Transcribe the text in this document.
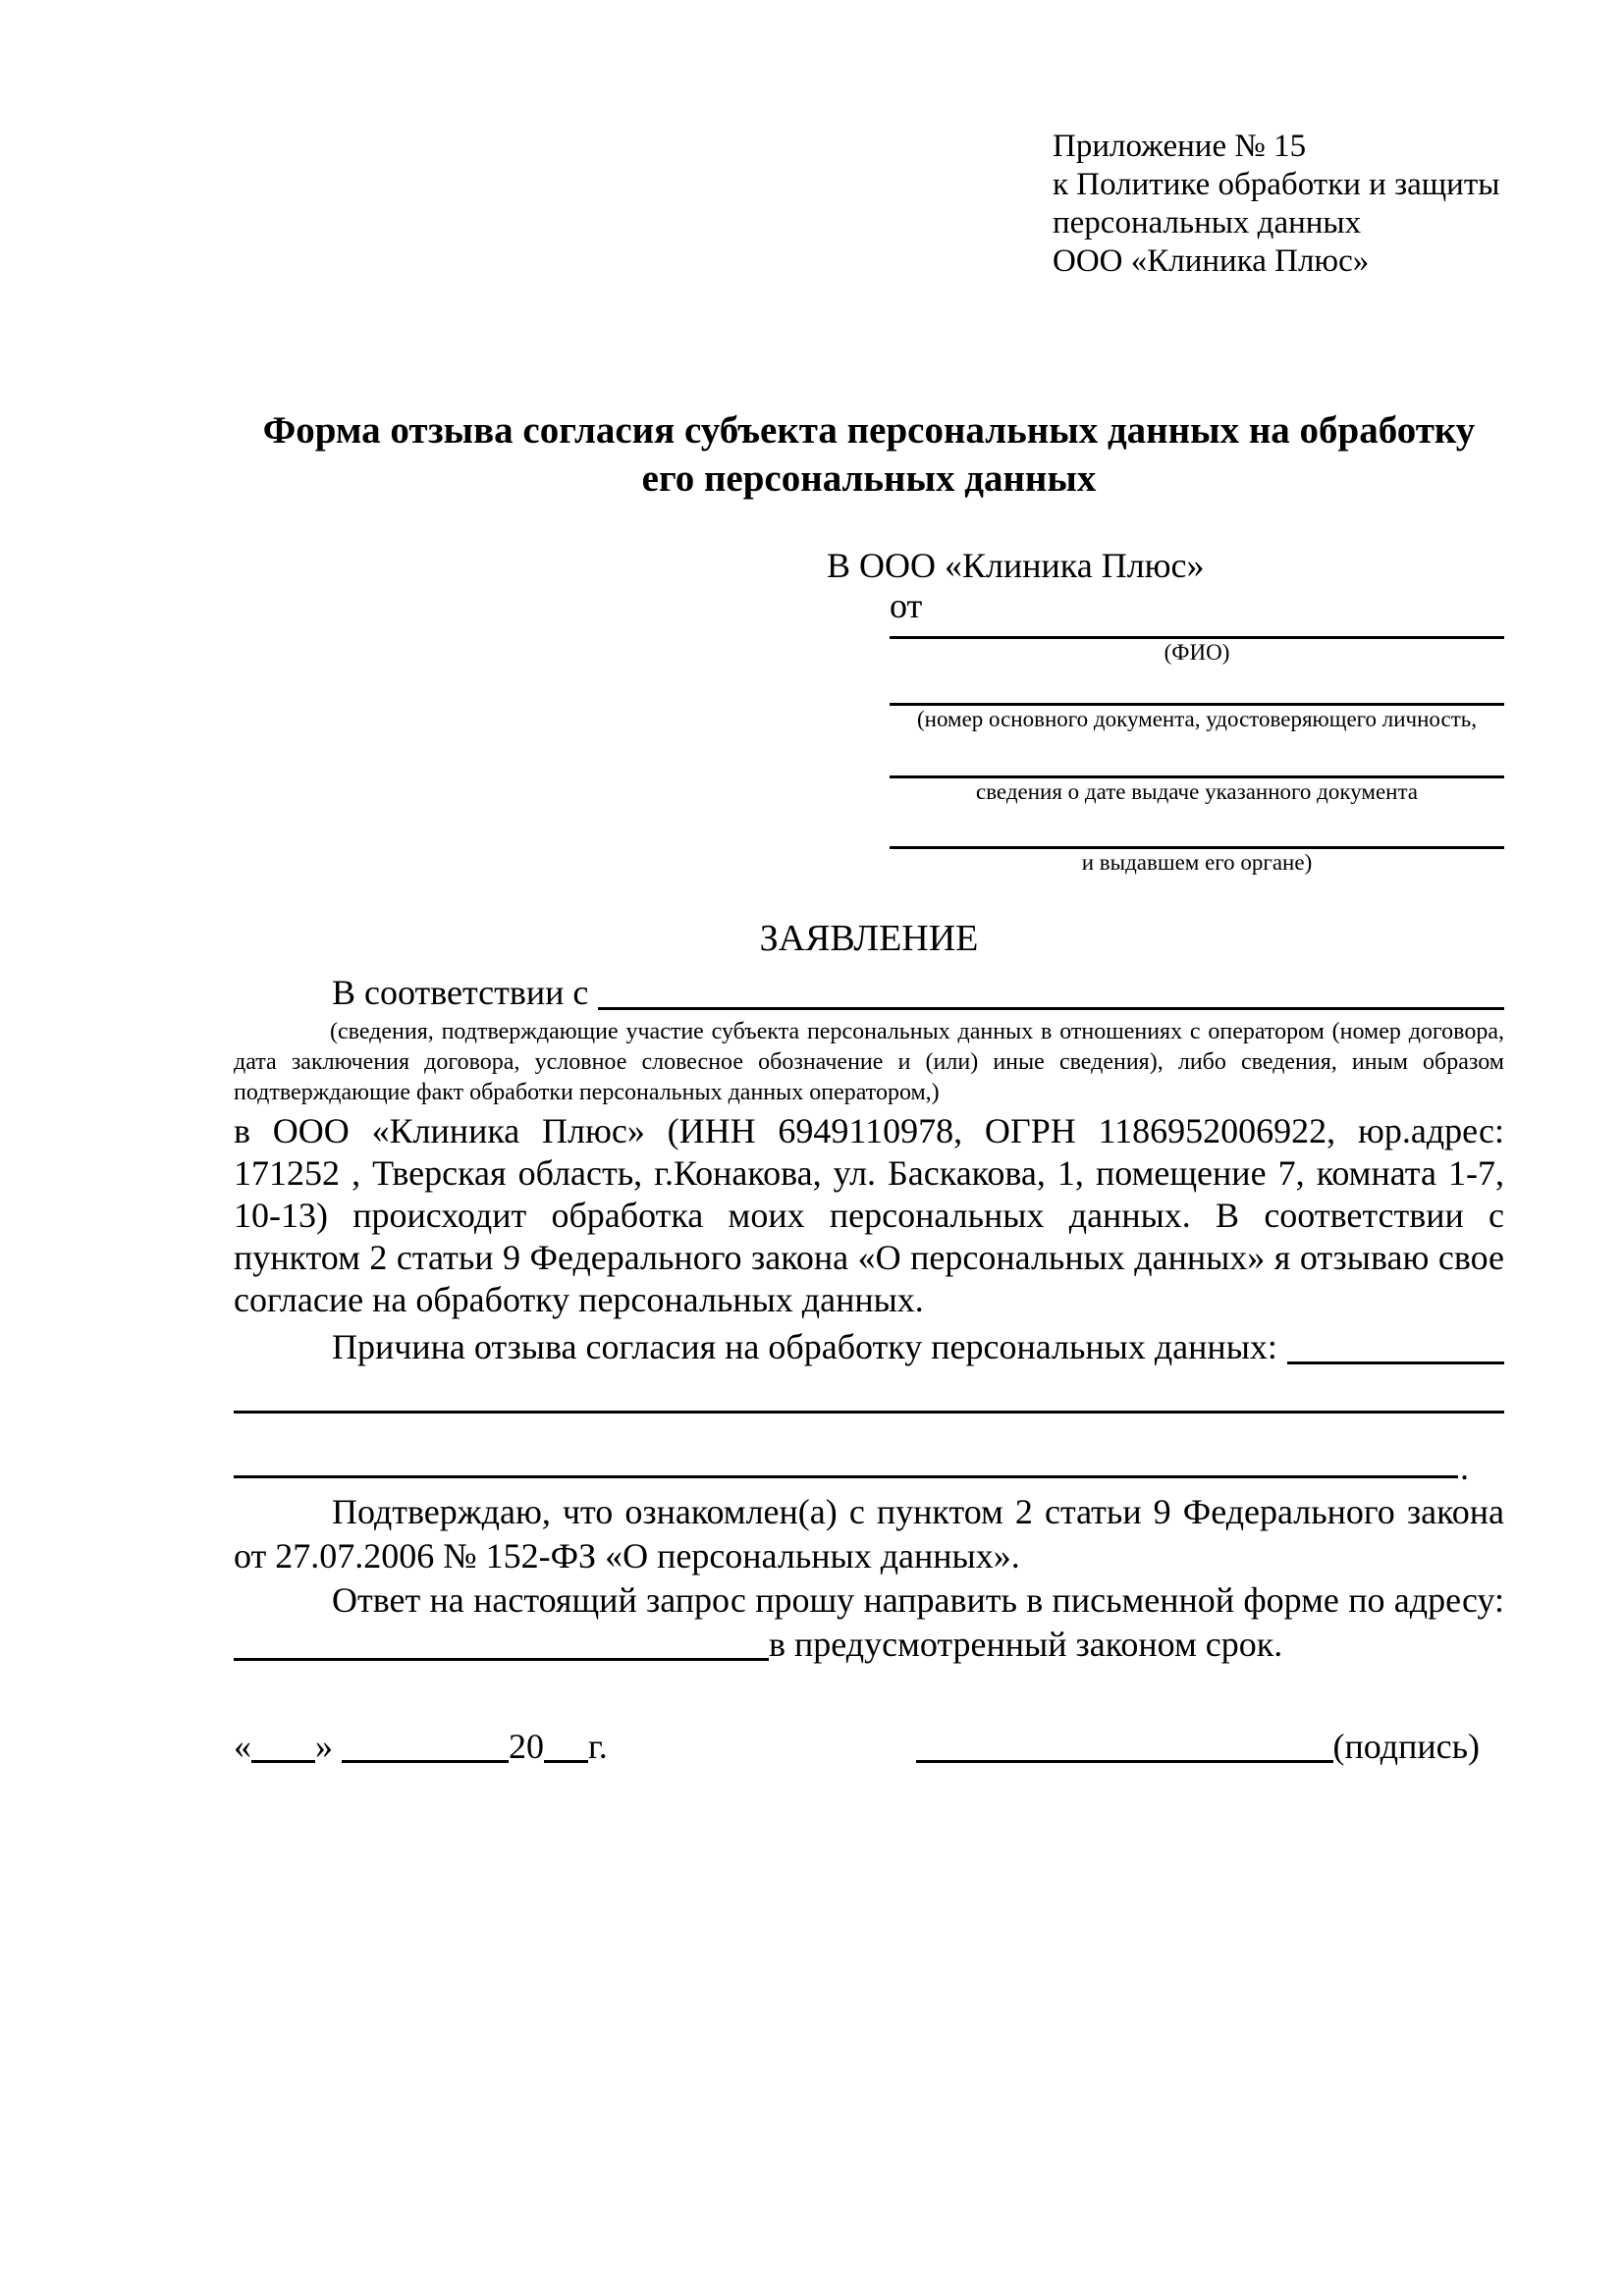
Приложение № 15
к Политике обработки и защиты
персональных данных
ООО «Клиника Плюс»
Форма отзыва согласия субъекта персональных данных на обработку
его персональных данных
В ООО «Клиника Плюс»
от
(ФИО)
(номер основного документа, удостоверяющего личность,
сведения о дате выдаче указанного документа
и выдавшем его органе)
ЗАЯВЛЕНИЕ
В соответствии с

(сведения, подтверждающие участие субъекта персональных данных в отношениях с оператором (номер договора, дата заключения договора, условное словесное обозначение и (или) иные сведения), либо сведения, иным образом подтверждающие факт обработки персональных данных оператором,)

в ООО «Клиника Плюс» (ИНН 6949110978, ОГРН 1186952006922, юр.адрес: 171252 , Тверская область, г.Конакова, ул. Баскакова, 1, помещение 7, комната 1-7, 10-13) происходит обработка моих персональных данных. В соответствии с пунктом 2 статьи 9 Федерального закона «О персональных данных» я отзываю свое согласие на обработку персональных данных.

Причина отзыва согласия на обработку персональных данных:
.

Подтверждаю, что ознакомлен(а) с пунктом 2 статьи 9 Федерального закона от 27.07.2006 № 152-ФЗ «О персональных данных».

Ответ на настоящий запрос прошу направить в письменной форме по адресу:

в предусмотренный законом срок.

« »	20 г.	(подпись)
